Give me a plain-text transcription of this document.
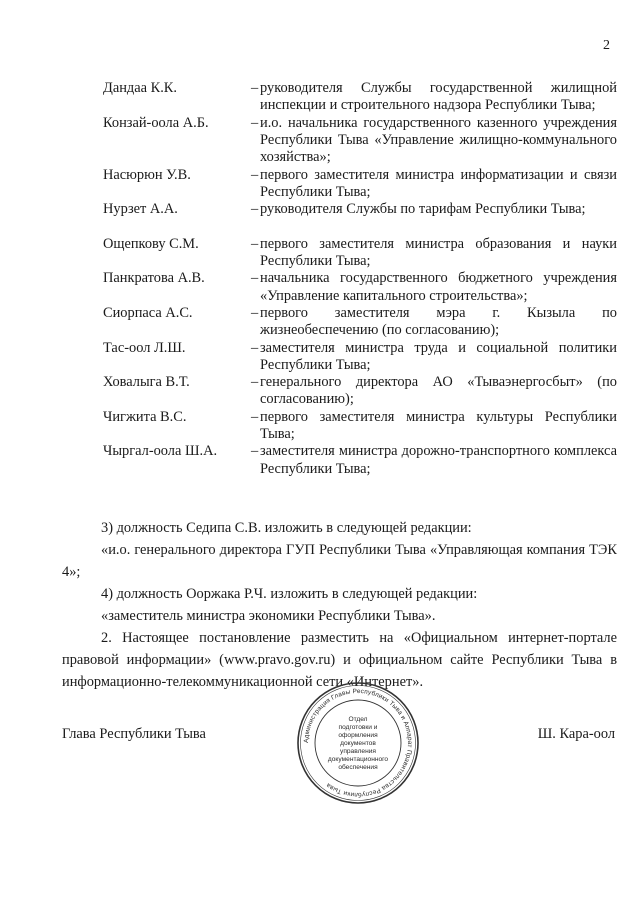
2
Дандаа К.К.	– руководителя Службы государственной жилищной инспекции и строительного надзора Республики Тыва;
Конзай-оола А.Б.	– и.о. начальника государственного казенного учреждения Республики Тыва «Управление жилищно-коммунального хозяйства»;
Насюрюн У.В.	– первого заместителя министра информатизации и связи Республики Тыва;
Нурзет А.А.	– руководителя Службы по тарифам Республики Тыва;
Ощепкову С.М.	– первого заместителя министра образования и науки Республики Тыва;
Панкратова А.В.	– начальника государственного бюджетного учреждения «Управление капитального строительства»;
Сиорпаса А.С.	– первого заместителя мэра г. Кызыла по жизнеобеспечению (по согласованию);
Тас-оол Л.Ш.	– заместителя министра труда и социальной политики Республики Тыва;
Ховалыга В.Т.	– генерального директора АО «Тываэнергосбыт» (по согласованию);
Чигжита В.С.	– первого заместителя министра культуры Республики Тыва;
Чыргал-оола Ш.А.	– заместителя министра дорожно-транспортного комплекса Республики Тыва;

3) должность Седипа С.В. изложить в следующей редакции:

«и.о. генерального директора ГУП Республики Тыва «Управляющая компания ТЭК 4»;

4) должность Ооржака Р.Ч. изложить в следующей редакции:

«заместитель министра экономики Республики Тыва».

2. Настоящее постановление разместить на «Официальном интернет-портале правовой информации» (www.pravo.gov.ru) и официальном сайте Республики Тыва в информационно-телекоммуникационной сети «Интернет».

Глава Республики Тыва	Ш. Кара-оол
Администрация Главы Республики Тыва и Аппарат Правительства Республики Тыва
Отдел
подготовки и
оформления документов
управления
документационного
обеспечения
